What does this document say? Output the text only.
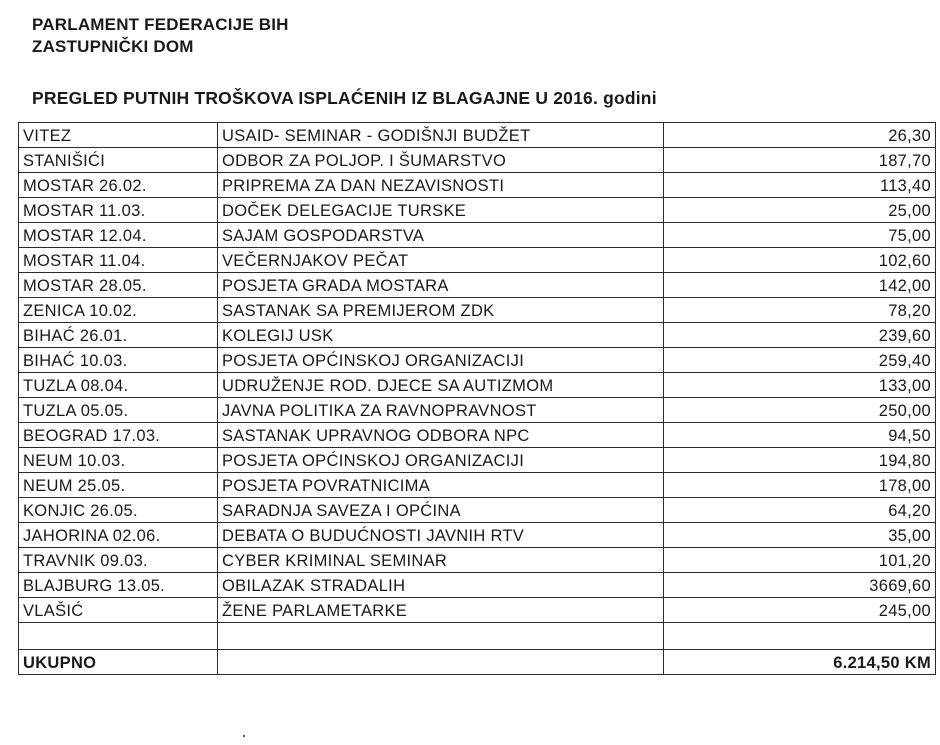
PARLAMENT FEDERACIJE BIH
ZASTUPNIČKI DOM
PREGLED PUTNIH TROŠKOVA ISPLAĆENIH IZ BLAGAJNE U 2016. godini
VITEZ	USAID- SEMINAR - GODIŠNJI BUDŽET	26,30
STANIŠIĆI	ODBOR ZA POLJOP. I ŠUMARSTVO	187,70
MOSTAR 26.02.	PRIPREMA ZA DAN NEZAVISNOSTI	113,40
MOSTAR 11.03.	DOČEK DELEGACIJE TURSKE	25,00
MOSTAR 12.04.	SAJAM GOSPODARSTVA	75,00
MOSTAR 11.04.	VEČERNJAKOV PEČAT	102,60
MOSTAR 28.05.	POSJETA GRADA MOSTARA	142,00
ZENICA 10.02.	SASTANAK SA PREMIJEROM ZDK	78,20
BIHAĆ 26.01.	KOLEGIJ USK	239,60
BIHAĆ 10.03.	POSJETA OPĆINSKOJ ORGANIZACIJI	259,40
TUZLA 08.04.	UDRUŽENJE ROD. DJECE SA AUTIZMOM	133,00
TUZLA 05.05.	JAVNA POLITIKA ZA RAVNOPRAVNOST	250,00
BEOGRAD 17.03.	SASTANAK UPRAVNOG ODBORA NPC	94,50
NEUM 10.03.	POSJETA OPĆINSKOJ ORGANIZACIJI	194,80
NEUM 25.05.	POSJETA POVRATNICIMA	178,00
KONJIC 26.05.	SARADNJA SAVEZA I OPĆINA	64,20
JAHORINA 02.06.	DEBATA O BUDUĆNOSTI JAVNIH RTV	35,00
TRAVNIK 09.03.	CYBER KRIMINAL SEMINAR	101,20
BLAJBURG 13.05.	OBILAZAK STRADALIH	3669,60
VLAŠIĆ	ŽENE PARLAMETARKE	245,00

UKUPNO		6.214,50 KM
